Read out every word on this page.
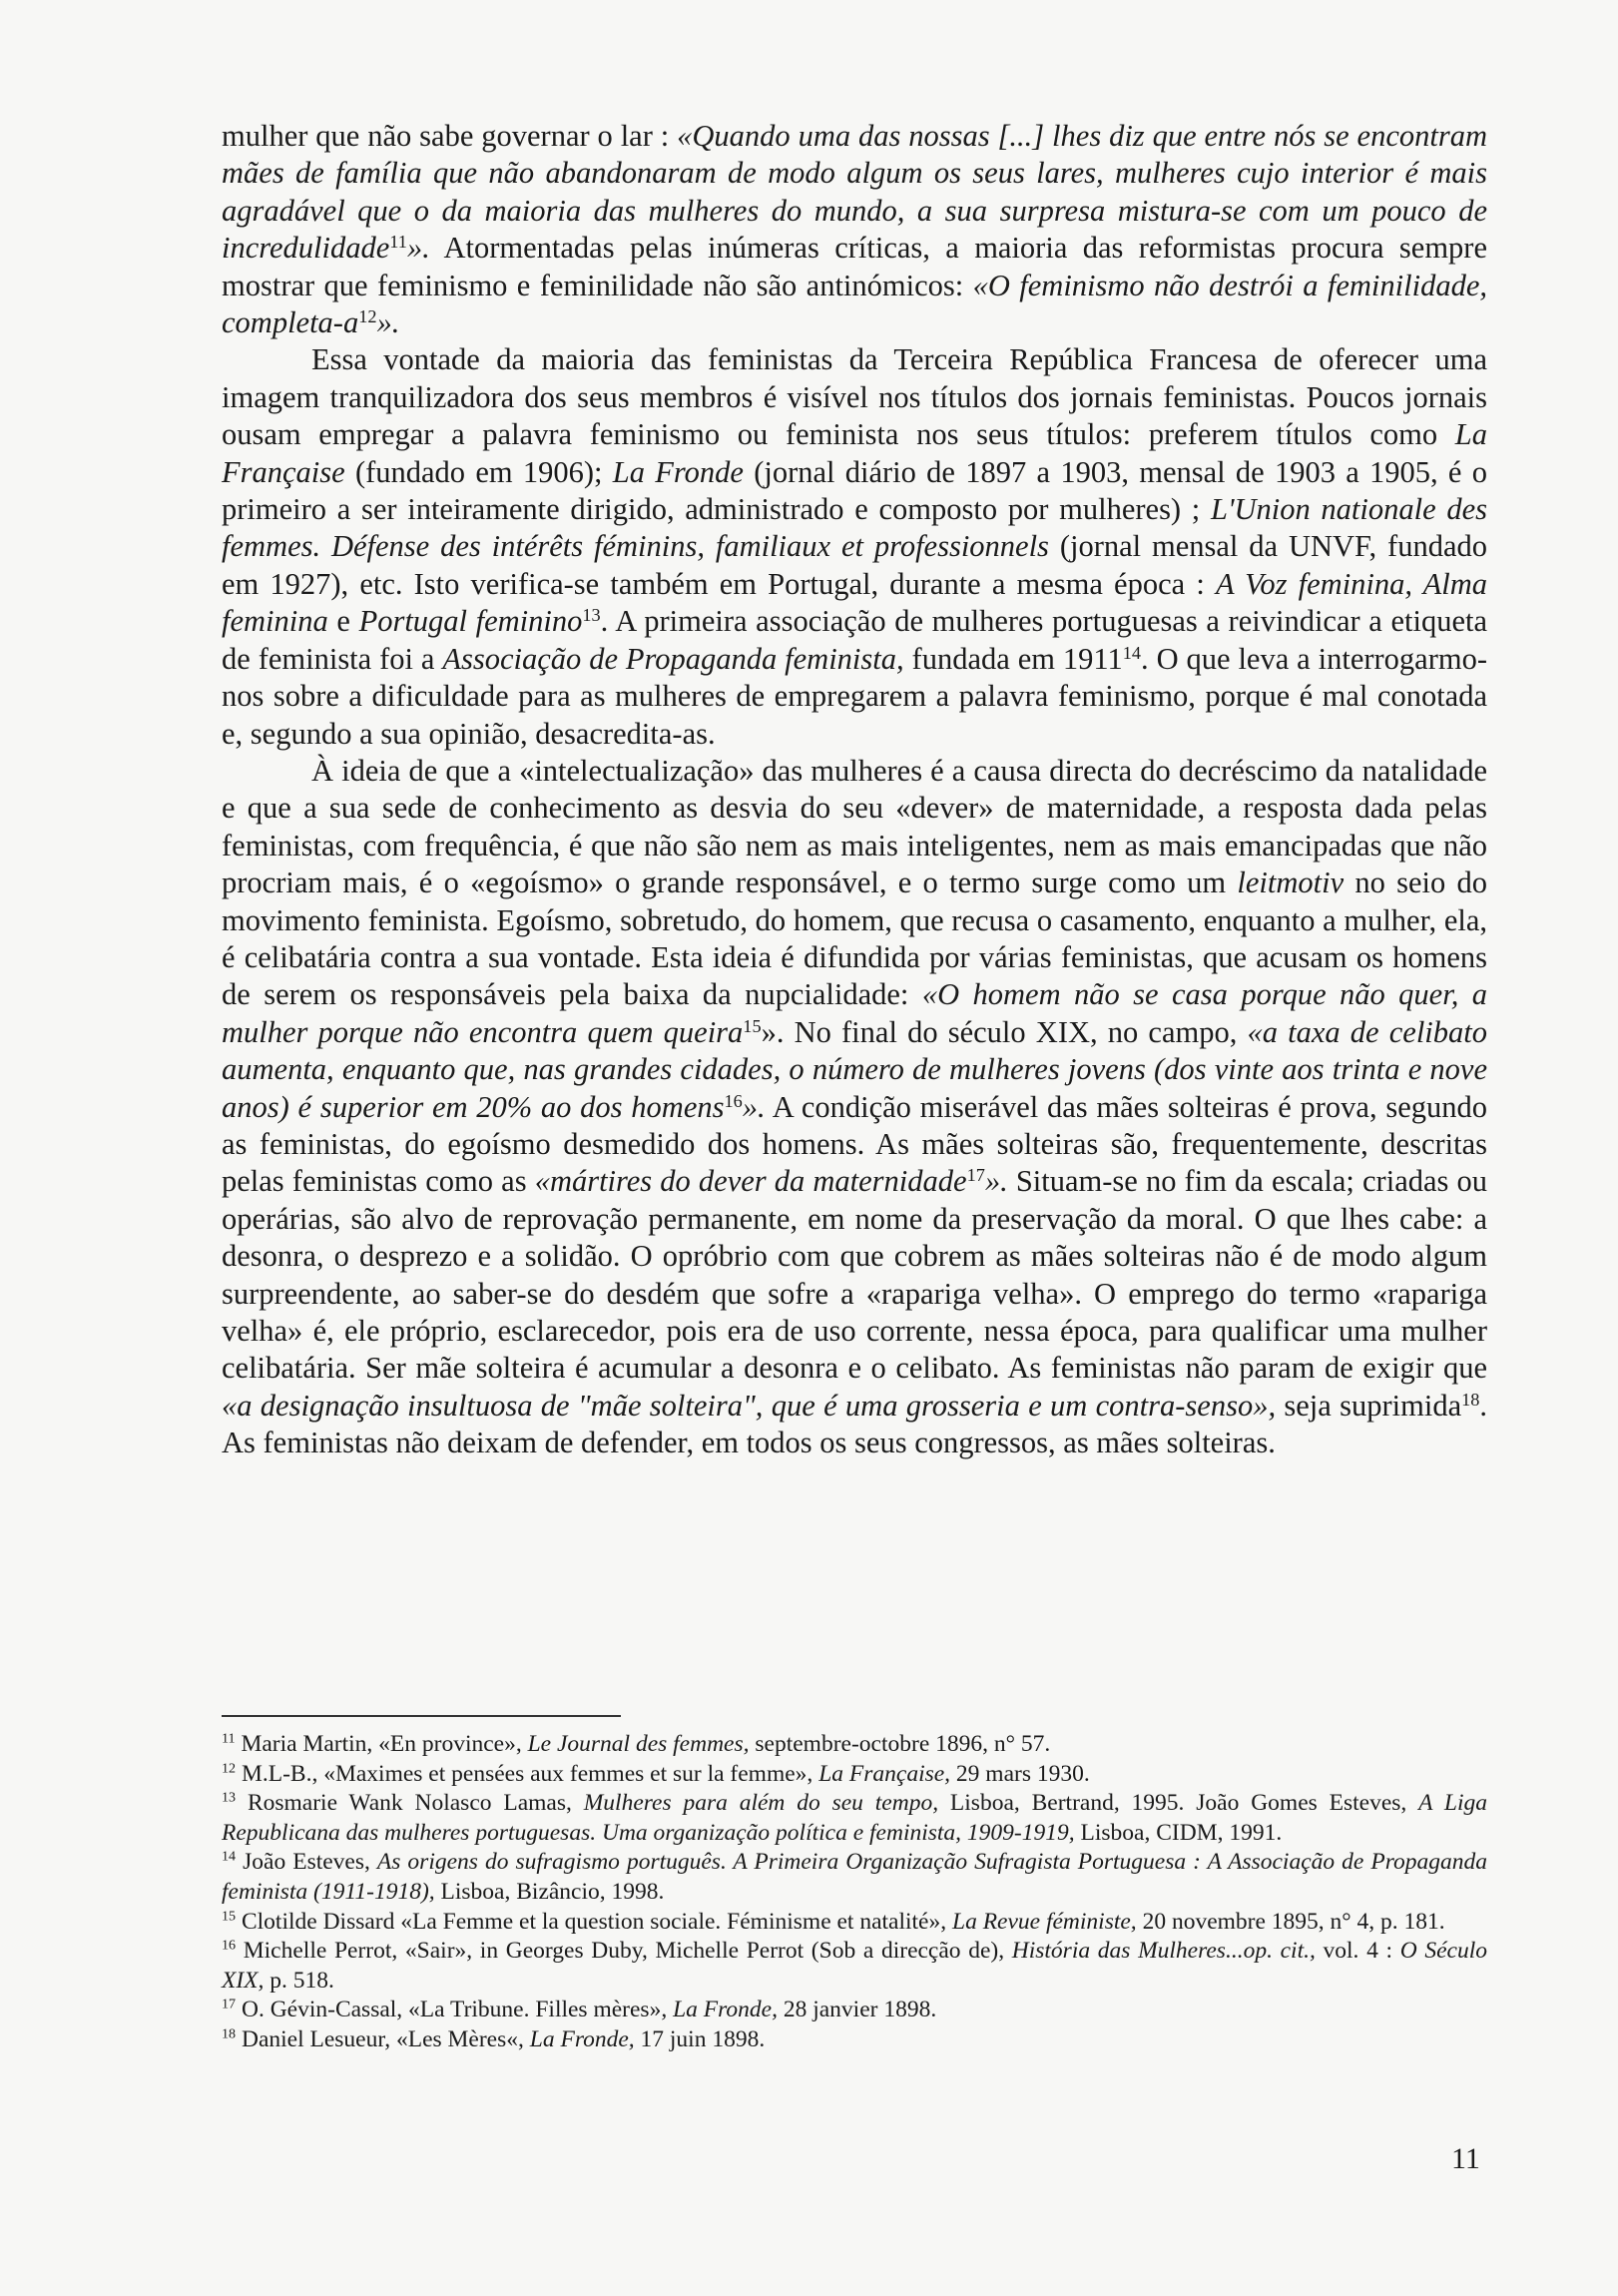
mulher que não sabe governar o lar : «Quando uma das nossas [...] lhes diz que entre nós se encontram mães de família que não abandonaram de modo algum os seus lares, mulheres cujo interior é mais agradável que o da maioria das mulheres do mundo, a sua surpresa mistura-se com um pouco de incredulidade$^{11}$». Atormentadas pelas inúmeras críticas, a maioria das reformistas procura sempre mostrar que feminismo e feminilidade não são antinómicos: «O feminismo não destrói a feminilidade, completa-$a^{12}$».

Essa vontade da maioria das feministas da Terceira República Francesa de oferecer uma imagem tranquilizadora dos seus membros é visível nos títulos dos jornais feministas. Poucos jornais ousam empregar a palavra feminismo ou feminista nos seus títulos: preferem títulos como La Française (fundado em 1906); La Fronde (jornal diário de 1897 a 1903, mensal de 1903 a 1905, é o primeiro a ser inteiramente dirigido, administrado e composto por mulheres) ; L'Union nationale des femmes. Défense des intérêts féminins, familiaux et professionnels (jornal mensal da UNVF, fundado em 1927), etc. Isto verifica-se também em Portugal, durante a mesma época : A Voz feminina, Alma feminina e Portugal feminino$^{13}$. A primeira associação de mulheres portuguesas a reivindicar a etiqueta de feminista foi a Associação de Propaganda feminista, fundada em 1911$^{14}$. O que leva a interrogarmo-nos sobre a dificuldade para as mulheres de empregarem a palavra feminismo, porque é mal conotada e, segundo a sua opinião, desacredita-as.

À ideia de que a «intelectualização» das mulheres é a causa directa do decréscimo da natalidade e que a sua sede de conhecimento as desvia do seu «dever» de maternidade, a resposta dada pelas feministas, com frequência, é que não são nem as mais inteligentes, nem as mais emancipadas que não procriam mais, é o «egoísmo» o grande responsável, e o termo surge como um leitmotiv no seio do movimento feminista. Egoísmo, sobretudo, do homem, que recusa o casamento, enquanto a mulher, ela, é celibatária contra a sua vontade. Esta ideia é difundida por várias feministas, que acusam os homens de serem os responsáveis pela baixa da nupcialidade: «O homem não se casa porque não quer, a mulher porque não encontra quem queira$^{15}$». No final do século XIX, no campo, «a taxa de celibato aumenta, enquanto que, nas grandes cidades, o número de mulheres jovens (dos vinte aos trinta e nove anos) é superior em 20% ao dos homens$^{16}$». A condição miserável das mães solteiras é prova, segundo as feministas, do egoísmo desmedido dos homens. As mães solteiras são, frequentemente, descritas pelas feministas como as «mártires do dever da maternidade$^{17}$». Situam-se no fim da escala; criadas ou operárias, são alvo de reprovação permanente, em nome da preservação da moral. O que lhes cabe: a desonra, o desprezo e a solidão. O opróbrio com que cobrem as mães solteiras não é de modo algum surpreendente, ao saber-se do desdém que sofre a «rapariga velha». O emprego do termo «rapariga velha» é, ele próprio, esclarecedor, pois era de uso corrente, nessa época, para qualificar uma mulher celibatária. Ser mãe solteira é acumular a desonra e o celibato. As feministas não param de exigir que «a designação insultuosa de "mãe solteira", que é uma grosseria e um contra-senso», seja suprimida$^{18}$. As feministas não deixam de defender, em todos os seus congressos, as mães solteiras.

$^{11}$ Maria Martin, «En province», Le Journal des femmes, septembre-octobre 1896, n° 57.

$^{12}$ M.L-B., «Maximes et pensées aux femmes et sur la femme», La Française, 29 mars 1930.

$^{13}$ Rosmarie Wank Nolasco Lamas, Mulheres para além do seu tempo, Lisboa, Bertrand, 1995. João Gomes Esteves, A Liga Republicana das mulheres portuguesas. Uma organização política e feminista, 1909-1919, Lisboa, CIDM, 1991.

$^{14}$ João Esteves, As origens do sufragismo português. A Primeira Organização Sufragista Portuguesa : A Associação de Propaganda feminista (1911-1918), Lisboa, Bizâncio, 1998.

$^{15}$ Clotilde Dissard «La Femme et la question sociale. Féminisme et natalité», La Revue féministe, 20 novembre 1895, n° 4, p. 181.

$^{16}$ Michelle Perrot, «Sair», in Georges Duby, Michelle Perrot (Sob a direcção de), História das Mulheres...op. cit., vol. 4 : O Século XIX, p. 518.

$^{17}$ O. Gévin-Cassal, «La Tribune. Filles mères», La Fronde, 28 janvier 1898.

$^{18}$ Daniel Lesueur, «Les Mères«, La Fronde, 17 juin 1898.

11
